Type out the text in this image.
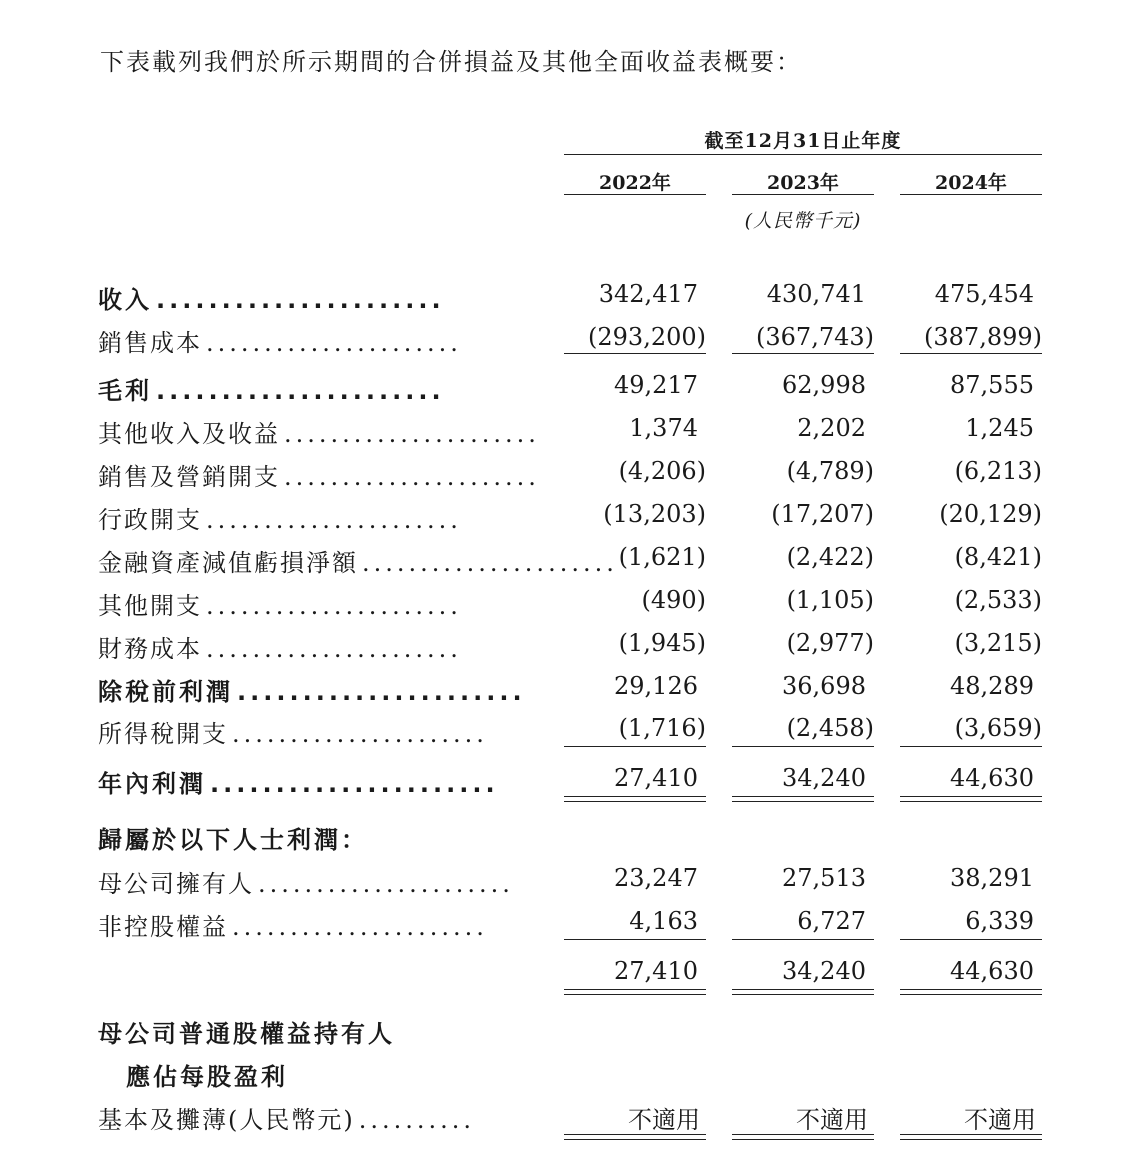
下表載列我們於所示期間的合併損益及其他全面收益表概要：
截至12月31日止年度
2022年	2023年	2024年
(人民幣千元)
收入 ......................	342,417	430,741	475,454
銷售成本 ......................	(293,200)	(367,743)	(387,899)
毛利 ......................	49,217	62,998	87,555
其他收入及收益 ......................	1,374	2,202	1,245
銷售及營銷開支 ......................	(4,206)	(4,789)	(6,213)
行政開支 ......................	(13,203)	(17,207)	(20,129)
金融資產減值虧損淨額 ...................... (1,621)	(2,422)	(8,421)
其他開支 ......................	(490)	(1,105)	(2,533)
財務成本 ......................	(1,945)	(2,977)	(3,215)
除稅前利潤 ......................	29,126	36,698	48,289
所得稅開支 ......................	(1,716)	(2,458)	(3,659)
年內利潤 ......................	27,410	34,240	44,630
歸屬於以下人士利潤：
母公司擁有人 ......................	23,247	27,513	38,291
非控股權益 ......................	4,163	6,727	6,339
27,410	34,240	44,630
母公司普通股權益持有人
應佔每股盈利
基本及攤薄(人民幣元) ..........	不適用	不適用	不適用
